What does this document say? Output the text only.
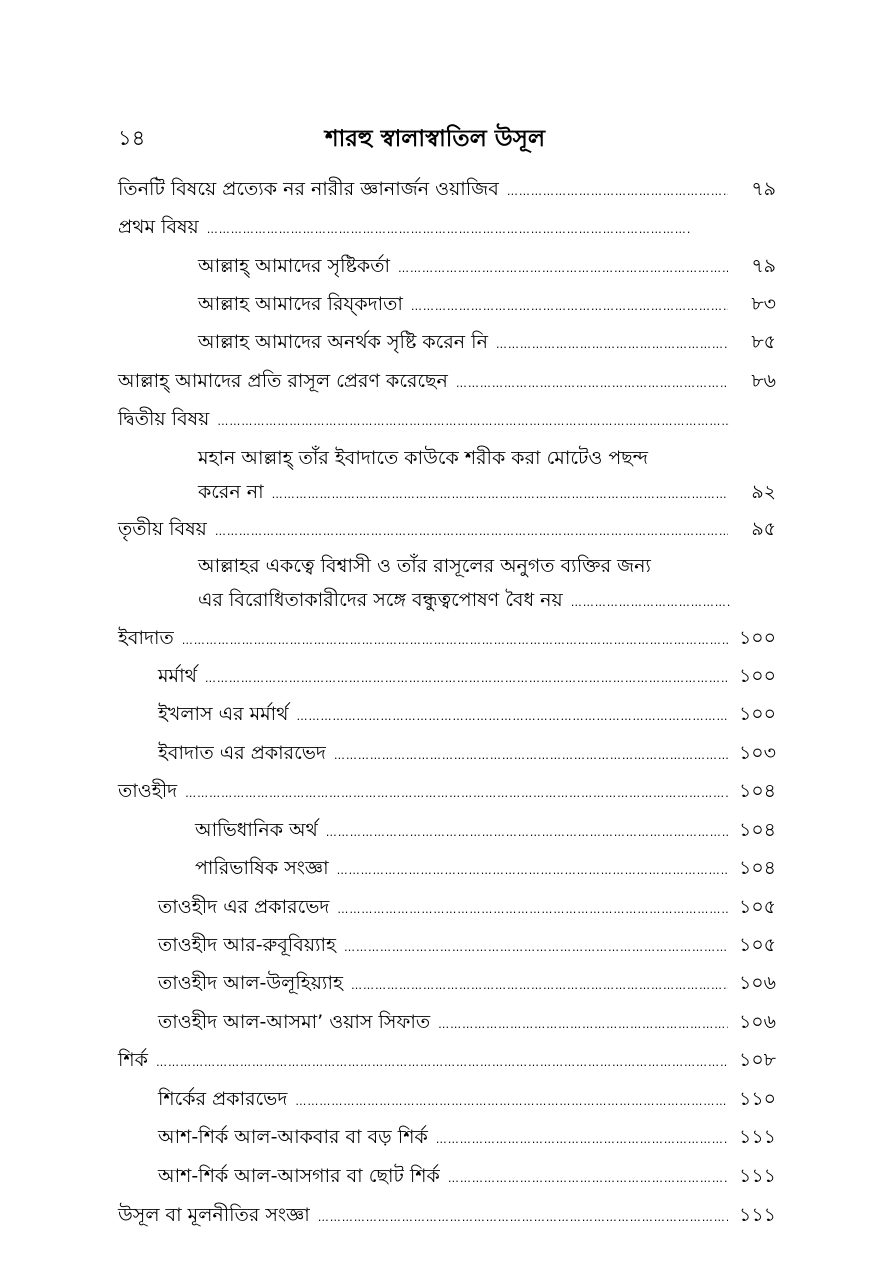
১৪	শারহু স্বালাস্বাতিল উসূল
তিনটি বিষয়ে প্রত্যেক নর নারীর জ্ঞানার্জন ওয়াজিব ……………………………………………………………………………………………………………………………………………………	৭৯
প্রথম বিষয়
……………………………………………………………………………………………………………………………………………………
আল্লাহ্‌ আমাদের সৃষ্টিকর্তা ……………………………………………………………………………………………………………………………………………………	৭৯
আল্লাহ আমাদের রিয্‌কদাতা ……………………………………………………………………………………………………………………………………………………	৮৩
আল্লাহ আমাদের অনর্থক সৃষ্টি করেন নি ……………………………………………………………………………………………………………………………………………………	৮৫
আল্লাহ্‌ আমাদের প্রতি রাসূল প্রেরণ করেছেন ……………………………………………………………………………………………………………………………………………………	৮৬
দ্বিতীয় বিষয়
……………………………………………………………………………………………………………………………………………………
মহান আল্লাহ্‌ তাঁর ইবাদাতে কাউকে শরীক করা মোটেও পছন্দ
করেন না ……………………………………………………………………………………………………………………………………………………	৯২
তৃতীয় বিষয় ……………………………………………………………………………………………………………………………………………………	৯৫
আল্লাহর একত্বে বিশ্বাসী ও তাঁর রাসূলের অনুগত ব্যক্তির জন্য
এর বিরোধিতাকারীদের সঙ্গে বন্ধুত্বপোষণ বৈধ নয়
……………………………………………………………………………………………………………………………………………………
ইবাদাত ……………………………………………………………………………………………………………………………………………………	১০০
মর্মার্থ ……………………………………………………………………………………………………………………………………………………	১০০
ইখলাস এর মর্মার্থ ……………………………………………………………………………………………………………………………………………………	১০০
ইবাদাত এর প্রকারভেদ ……………………………………………………………………………………………………………………………………………………	১০৩
তাওহীদ ……………………………………………………………………………………………………………………………………………………	১০৪
আভিধানিক অর্থ ……………………………………………………………………………………………………………………………………………………	১০৪
পারিভাষিক সংজ্ঞা ……………………………………………………………………………………………………………………………………………………	১০৪
তাওহীদ এর প্রকারভেদ ……………………………………………………………………………………………………………………………………………………	১০৫
তাওহীদ আর-রুবূবিয়্যাহ ……………………………………………………………………………………………………………………………………………………	১০৫
তাওহীদ আল-উলূহিয়্যাহ ……………………………………………………………………………………………………………………………………………………	১০৬
তাওহীদ আল-আসমা’ ওয়াস সিফাত ……………………………………………………………………………………………………………………………………………………	১০৬
শির্ক ……………………………………………………………………………………………………………………………………………………	১০৮
শির্কের প্রকারভেদ ……………………………………………………………………………………………………………………………………………………	১১০
আশ-শির্ক আল-আকবার বা বড় শির্ক ……………………………………………………………………………………………………………………………………………………	১১১
আশ-শির্ক আল-আসগার বা ছোট শির্ক ……………………………………………………………………………………………………………………………………………………	১১১
উসূল বা মূলনীতির সংজ্ঞা ……………………………………………………………………………………………………………………………………………………	১১১
